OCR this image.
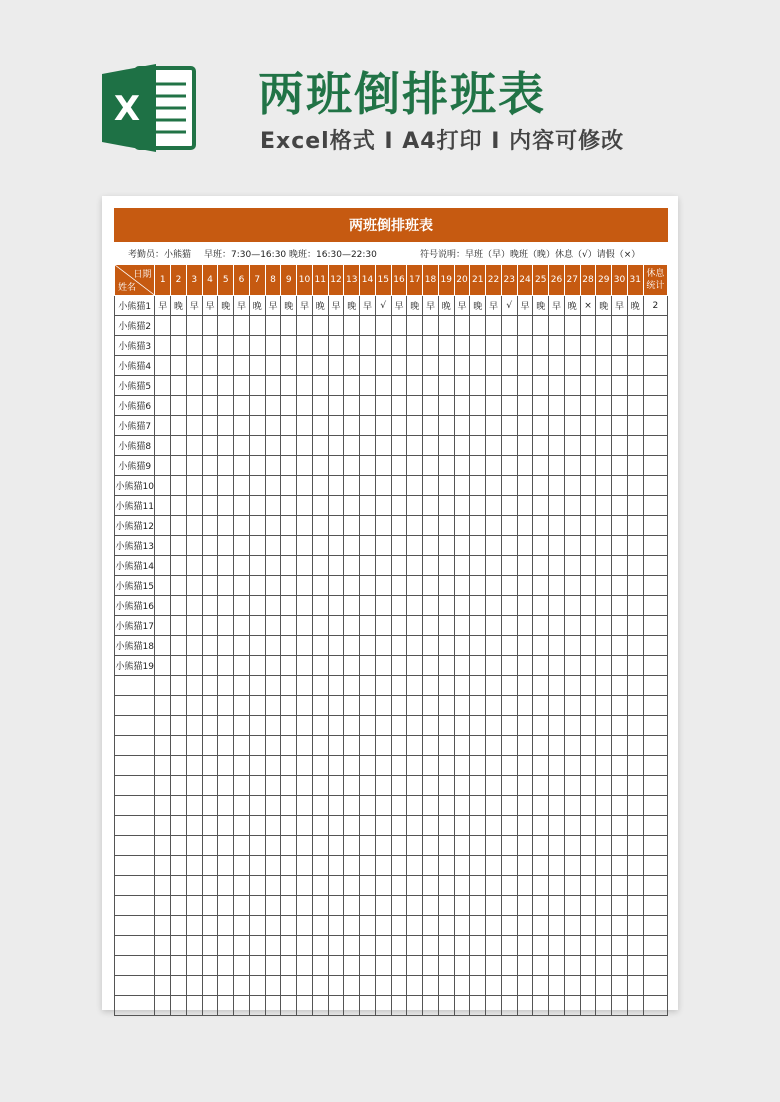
X	两班倒排班表

Excel格式 I A4打印 I 内容可修改

两班倒排班表
考勤员：小熊猫 早班：7:30—16:30 晚班：16:30—22:30	符号说明：早班（早）晚班（晚）休息（√）请假（×）
日期
姓名	1	2	3	4	5	6	7	8	9	10	11	12	13	14	15	16	17	18	19	20	21	22	23	24	25	26	27	28	29	30	31	休息统计
小熊猫1	早	晚	早	早	晚	早	晚	早	晚	早	晚	早	晚	早	√	早	晚	早	晚	早	晚	早	√	早	晚	早	晚	×	晚	早	晚	2
小熊猫2																																
小熊猫3																																
小熊猫4																																
小熊猫5																																
小熊猫6																																
小熊猫7																																
小熊猫8																																
小熊猫9																																
小熊猫10																																
小熊猫11																																
小熊猫12																																
小熊猫13																																
小熊猫14																																
小熊猫15																																
小熊猫16																																
小熊猫17																																
小熊猫18																																
小熊猫19																																
